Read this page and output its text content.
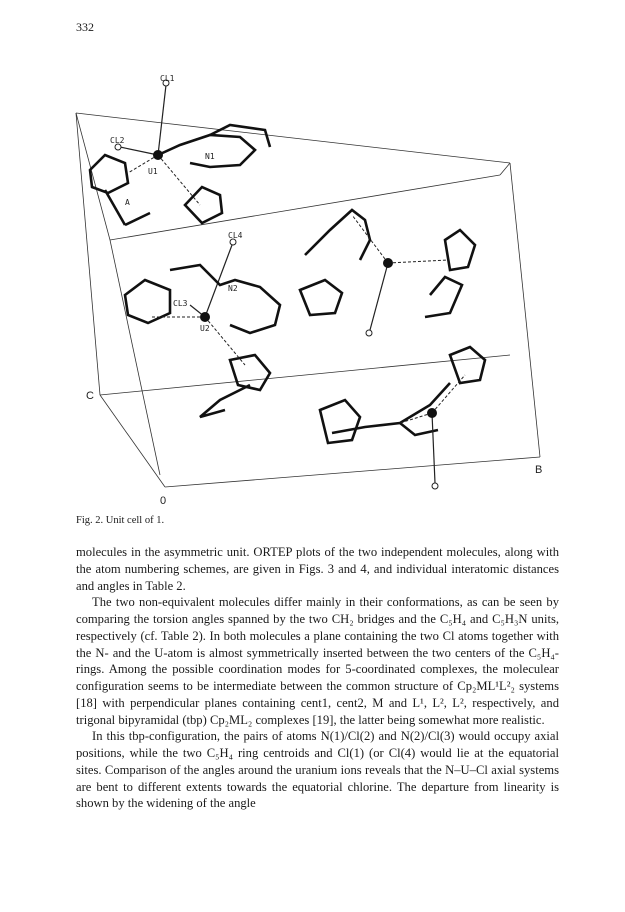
332
CL1
CL2
N1
U1
A
CL4
N2
CL3
U2
C
B
0
Fig. 2. Unit cell of 1.

molecules in the asymmetric unit. ORTEP plots of the two independent molecules, along with the atom numbering schemes, are given in Figs. 3 and 4, and individual interatomic distances and angles in Table 2.

The two non-equivalent molecules differ mainly in their conformations, as can be seen by comparing the torsion angles spanned by the two CH₂ bridges and the C₅H₄ and C₅H₃N units, respectively (cf. Table 2). In both molecules a plane containing the two Cl atoms together with the N- and the U-atom is almost symmetrically inserted between the two centers of the C₅H₄-rings. Among the possible coordination modes for 5-coordinated complexes, the moleculear configuration seems to be intermediate between the common structure of Cp₂ML¹L²₂ systems [18] with perpendicular planes containing cent1, cent2, M and L¹, L², L², respectively, and trigonal bipyramidal (tbp) Cp₂ML₂ complexes [19], the latter being somewhat more realistic.

In this tbp-configuration, the pairs of atoms N(1)/Cl(2) and N(2)/Cl(3) would occupy axial positions, while the two C₅H₄ ring centroids and Cl(1) (or Cl(4) would lie at the equatorial sites. Comparison of the angles around the uranium ions reveals that the N–U–Cl axial systems are bent to different extents towards the equatorial chlorine. The departure from linearity is shown by the widening of the angle
